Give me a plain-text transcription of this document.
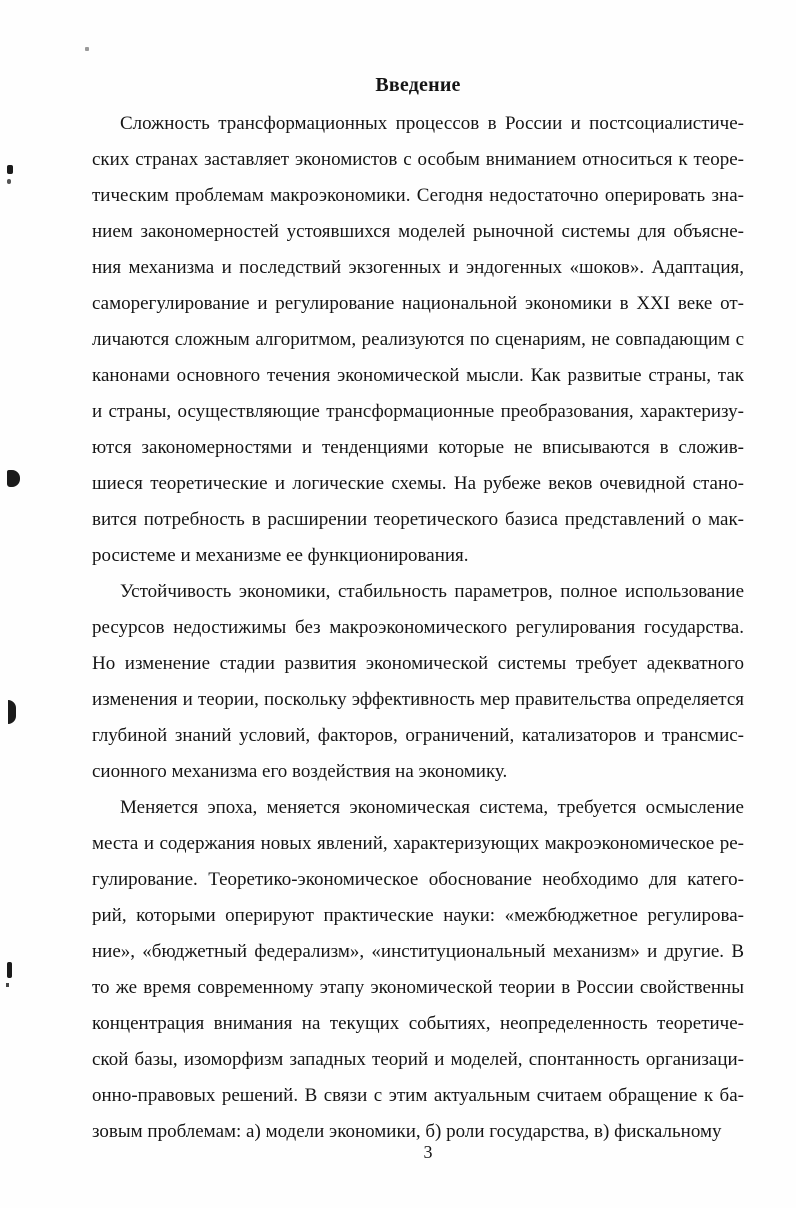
Введение
Сложность трансформационных процессов в России и постсоциалистиче-
ских странах заставляет экономистов с особым вниманием относиться к теоре-
тическим проблемам макроэкономики. Сегодня недостаточно оперировать зна-
нием закономерностей устоявшихся моделей рыночной системы для объясне-
ния механизма и последствий экзогенных и эндогенных «шоков». Адаптация,
саморегулирование и регулирование национальной экономики в XXI веке от-
личаются сложным алгоритмом, реализуются по сценариям, не совпадающим с
канонами основного течения экономической мысли. Как развитые страны, так
и страны, осуществляющие трансформационные преобразования, характеризу-
ются закономерностями и тенденциями которые не вписываются в сложив-
шиеся теоретические и логические схемы. На рубеже веков очевидной стано-
вится потребность в расширении теоретического базиса представлений о мак-
росистеме и механизме ее функционирования.
Устойчивость экономики, стабильность параметров, полное использование
ресурсов недостижимы без макроэкономического регулирования государства.
Но изменение стадии развития экономической системы требует адекватного
изменения и теории, поскольку эффективность мер правительства определяется
глубиной знаний условий, факторов, ограничений, катализаторов и трансмис-
сионного механизма его воздействия на экономику.
Меняется эпоха, меняется экономическая система, требуется осмысление
места и содержания новых явлений, характеризующих макроэкономическое ре-
гулирование. Теоретико-экономическое обоснование необходимо для катего-
рий, которыми оперируют практические науки: «межбюджетное регулирова-
ние», «бюджетный федерализм», «институциональный механизм» и другие. В
то же время современному этапу экономической теории в России свойственны
концентрация внимания на текущих событиях, неопределенность теоретиче-
ской базы, изоморфизм западных теорий и моделей, спонтанность организаци-
онно-правовых решений. В связи с этим актуальным считаем обращение к ба-
зовым проблемам: а) модели экономики, б) роли государства, в) фискальному
3
